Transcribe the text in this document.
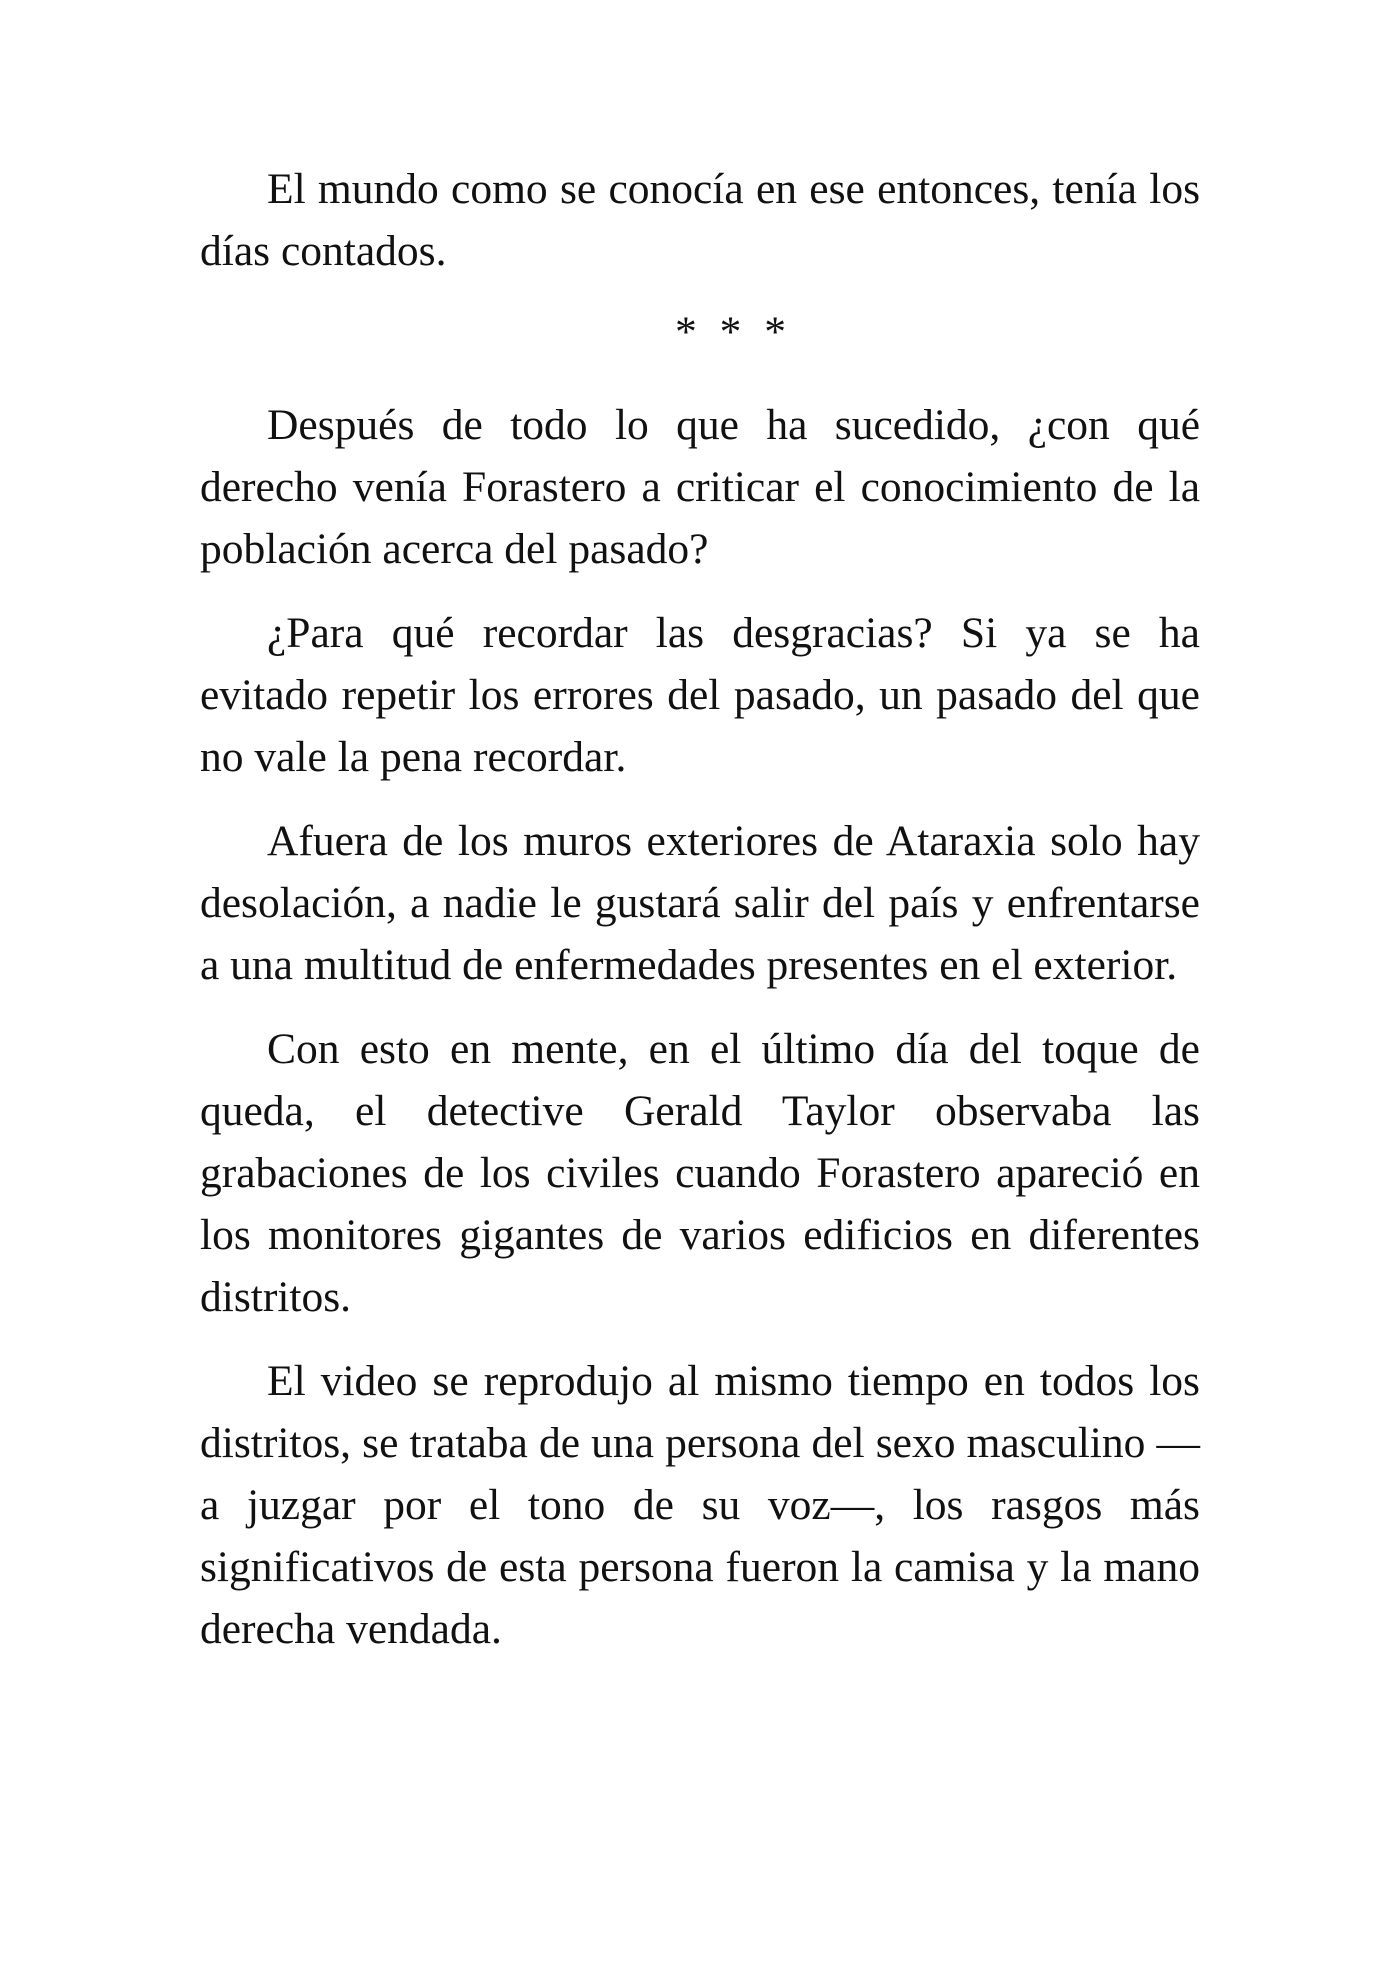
El mundo como se conocía en ese entonces, tenía los días contados.

* * *

Después de todo lo que ha sucedido, ¿con qué derecho venía Forastero a criticar el conocimiento de la población acerca del pasado?

¿Para qué recordar las desgracias? Si ya se ha evitado repetir los errores del pasado, un pasado del que no vale la pena recordar.

Afuera de los muros exteriores de Ataraxia solo hay desolación, a nadie le gustará salir del país y enfrentarse a una multitud de enfermedades presentes en el exterior.

Con esto en mente, en el último día del toque de queda, el detective Gerald Taylor observaba las grabaciones de los civiles cuando Forastero apareció en los monitores gigantes de varios edificios en diferentes distritos.

El video se reprodujo al mismo tiempo en todos los distritos, se trataba de una persona del sexo masculino —a juzgar por el tono de su voz—, los rasgos más significativos de esta persona fueron la camisa y la mano derecha vendada.
